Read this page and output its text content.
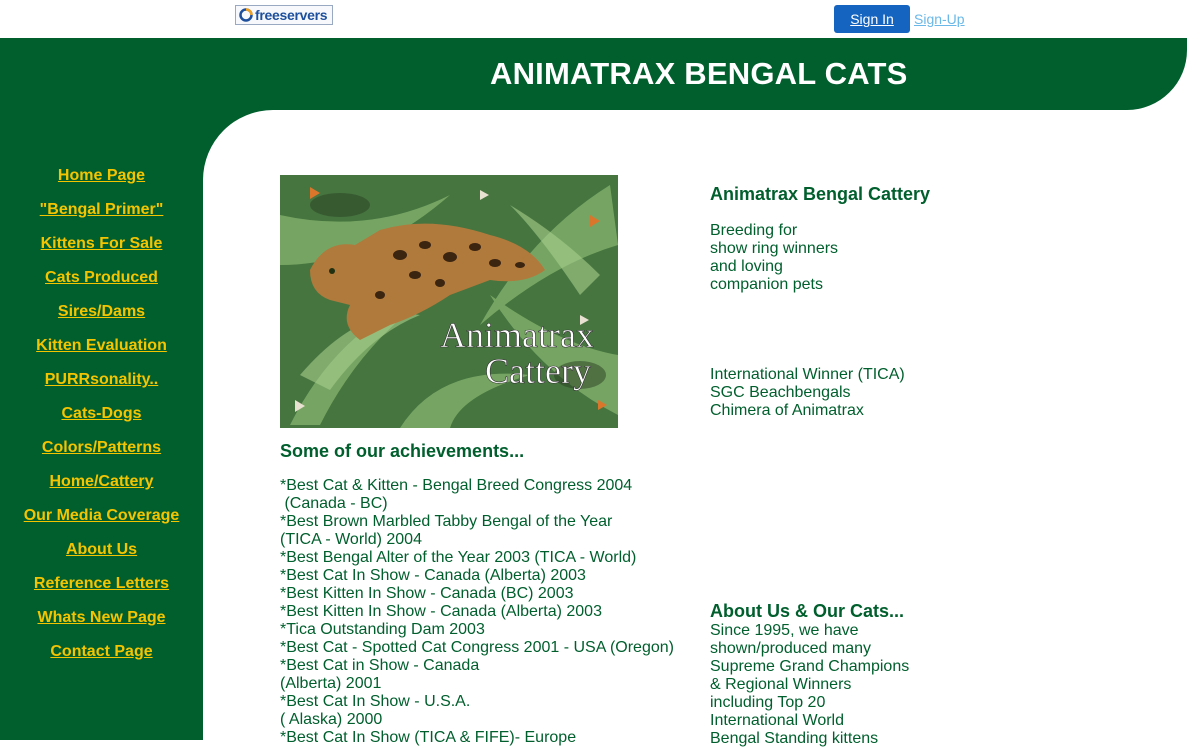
freeservers	Sign In	Sign-Up
ANIMATRAX BENGAL CATS
Home Page
"Bengal Primer"
Kittens For Sale
Cats Produced
Sires/Dams
Kitten Evaluation
PURRsonality..
Cats-Dogs
Colors/Patterns
Home/Cattery
Our Media Coverage
About Us
Reference Letters
Whats New Page
Contact Page
Animatrax
Cattery
Some of our achievements...
*Best Cat & Kitten - Bengal Breed Congress 2004
(Canada - BC)
*Best Brown Marbled Tabby Bengal of the Year
(TICA - World) 2004
*Best Bengal Alter of the Year 2003 (TICA - World)
*Best Cat In Show - Canada (Alberta) 2003
*Best Kitten In Show - Canada (BC) 2003
*Best Kitten In Show - Canada (Alberta) 2003
*Tica Outstanding Dam 2003
*Best Cat - Spotted Cat Congress 2001 - USA (Oregon)
*Best Cat in Show - Canada
(Alberta) 2001
*Best Cat In Show - U.S.A.
( Alaska) 2000
*Best Cat In Show (TICA & FIFE)- Europe
Animatrax Bengal Cattery
Breeding for
show ring winners
and loving
companion pets
International Winner (TICA)
SGC Beachbengals
Chimera of Animatrax
About Us & Our Cats...
Since 1995, we have
shown/produced many
Supreme Grand Champions
& Regional Winners
including Top 20
International World
Bengal Standing kittens
